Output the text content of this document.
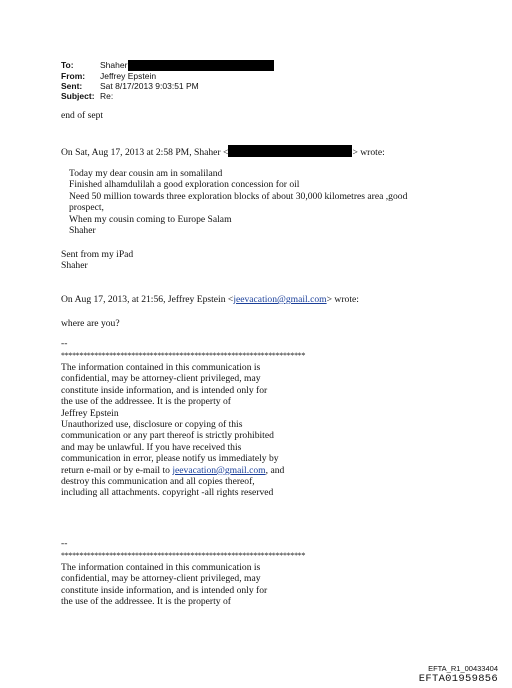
To:	Shaher
From:	Jeffrey Epstein
Sent:	Sat 8/17/2013 9:03:51 PM
Subject: Re:
end of sept
On Sat, Aug 17, 2013 at 2:58 PM, Shaher <	> wrote:
Today my dear cousin am in somaliland
Finished alhamdulilah a good exploration concession for oil
Need 50 million towards three exploration blocks of about 30,000 kilometres area ,good
prospect,
When my cousin coming to Europe Salam
Shaher
Sent from my iPad
Shaher
On Aug 17, 2013, at 21:56, Jeffrey Epstein <jeevacation@gmail.com> wrote:
where are you?
--
******************************************************************
The information contained in this communication is
confidential, may be attorney-client privileged, may
constitute inside information, and is intended only for
the use of the addressee. It is the property of
Jeffrey Epstein
Unauthorized use, disclosure or copying of this
communication or any part thereof is strictly prohibited
and may be unlawful. If you have received this
communication in error, please notify us immediately by
return e-mail or by e-mail to jeevacation@gmail.com, and
destroy this communication and all copies thereof,
including all attachments. copyright -all rights reserved
--
******************************************************************
The information contained in this communication is
confidential, may be attorney-client privileged, may
constitute inside information, and is intended only for
the use of the addressee. It is the property of
EFTA_R1_00433404
EFTA01959856
